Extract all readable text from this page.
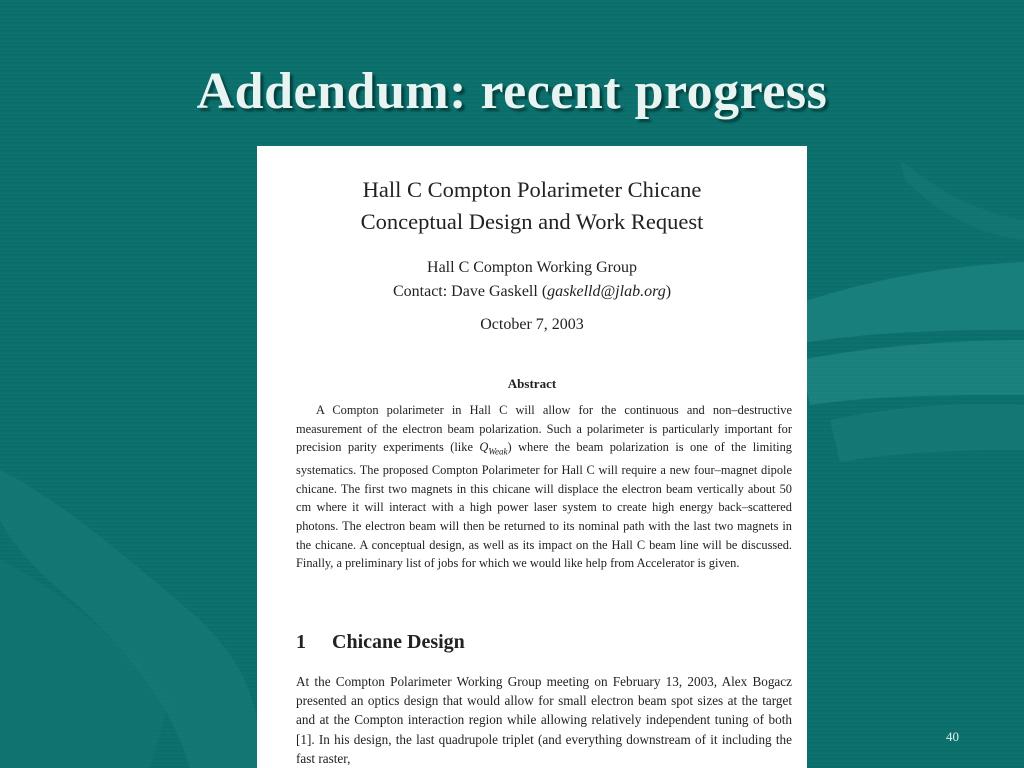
Addendum: recent progress
Hall C Compton Polarimeter Chicane
Conceptual Design and Work Request
Hall C Compton Working Group
Contact: Dave Gaskell (gaskelld@jlab.org)
October 7, 2003
Abstract
A Compton polarimeter in Hall C will allow for the continuous and non–destructive measurement of the electron beam polarization. Such a polarimeter is particularly important for precision parity experiments (like $Q_{Weak}$) where the beam polarization is one of the limiting systematics. The proposed Compton Polarimeter for Hall C will require a new four–magnet dipole chicane. The first two magnets in this chicane will displace the electron beam vertically about 50 cm where it will interact with a high power laser system to create high energy back–scattered photons. The electron beam will then be returned to its nominal path with the last two magnets in the chicane. A conceptual design, as well as its impact on the Hall C beam line will be discussed. Finally, a preliminary list of jobs for which we would like help from Accelerator is given.
1 Chicane Design
At the Compton Polarimeter Working Group meeting on February 13, 2003, Alex Bogacz presented an optics design that would allow for small electron beam spot sizes at the target and at the Compton interaction region while allowing relatively independent tuning of both [1]. In his design, the last quadrupole triplet (and everything downstream of it including the fast raster,
40
